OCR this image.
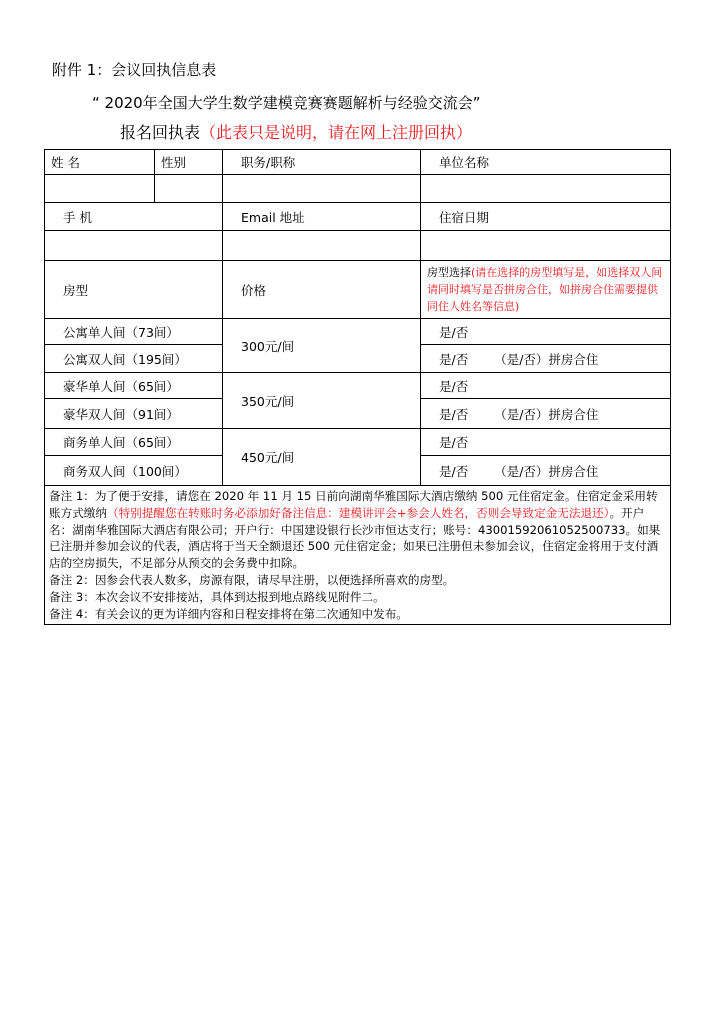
附件 1：会议回执信息表
“ 2020年全国大学生数学建模竞赛赛题解析与经验交流会”
报名回执表（此表只是说明，请在网上注册回执）
姓 名	性别	职务/职称	单位名称

手 机		Email 地址	住宿日期

房型		价格	房型选择(请在选择的房型填写是，如选择双人间请同时填写是否拼房合住，如拼房合住需要提供同住人姓名等信息)
公寓单人间（73间）		300元/间	是/否
公寓双人间（195间）			是/否 （是/否）拼房合住
豪华单人间（65间）		350元/间	是/否
豪华双人间（91间）			是/否 （是/否）拼房合住
商务单人间（65间）		450元/间	是/否
商务双人间（100间）			是/否 （是/否）拼房合住

备注 1：为了便于安排，请您在 2020 年 11 月 15 日前向湖南华雅国际大酒店缴纳 500 元住宿定金。住宿定金采用转账方式缴纳（特别提醒您在转账时务必添加好备注信息：建模讲评会+参会人姓名，否则会导致定金无法退还）。开户名：湖南华雅国际大酒店有限公司；开户行：中国建设银行长沙市恒达支行；账号：43001592061052500733。如果已注册并参加会议的代表，酒店将于当天全额退还 500 元住宿定金；如果已注册但未参加会议，住宿定金将用于支付酒店的空房损失，不足部分从预交的会务费中扣除。
备注 2：因参会代表人数多，房源有限，请尽早注册，以便选择所喜欢的房型。
备注 3：本次会议不安排接站，具体到达报到地点路线见附件二。
备注 4：有关会议的更为详细内容和日程安排将在第二次通知中发布。			
